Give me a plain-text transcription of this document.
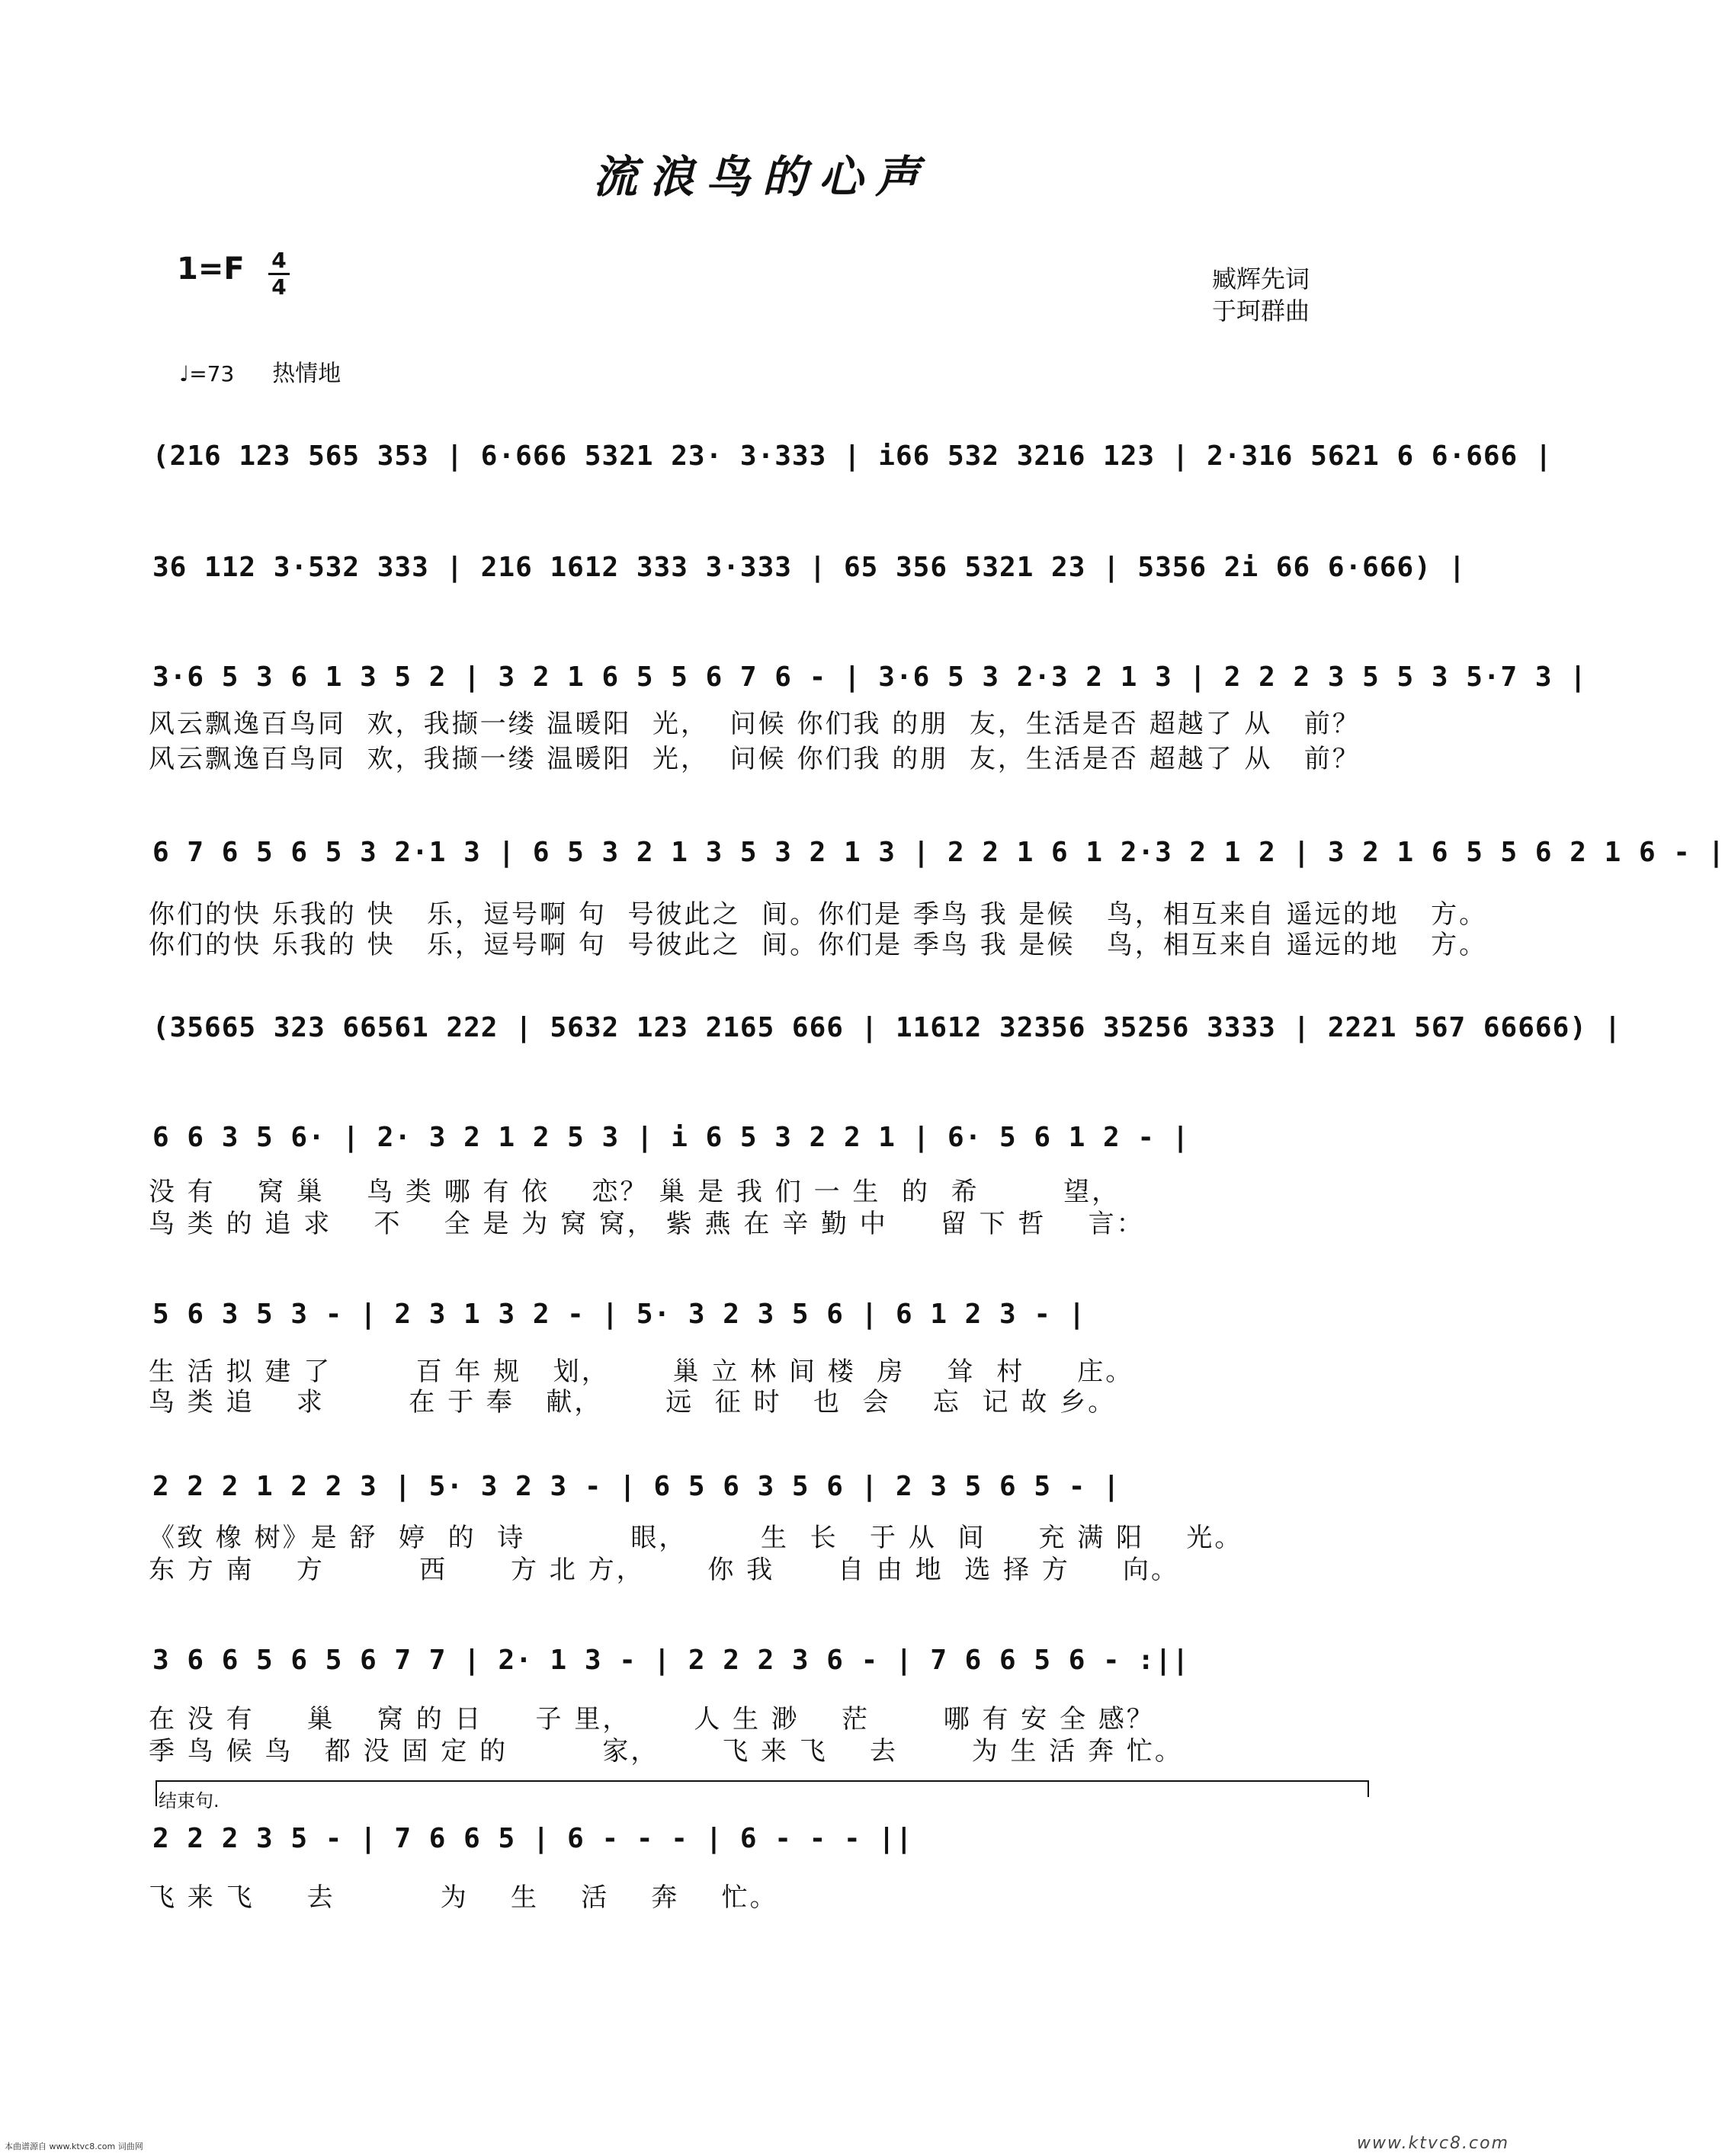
流浪鸟的心声
1=F 4
4	臧辉先词
于珂群曲
♩=73 热情地
(216 123 565 353 | 6·666 5321 23· 3·333 | i66 532 3216 123 | 2·316 5621 6 6·666 |
36 112 3·532 333 | 216 1612 333 3·333 | 65 356 5321 23 | 5356 2i 66 6·666) |
3·6 5 3 6 1 3 5 2 | 3 2 1 6 5 5 6 7 6 - | 3·6 5 3 2·3 2 1 3 | 2 2 2 3 5 5 3 5·7 3 |
风云飘逸百鸟同  欢，我撷一缕 温暖阳  光，  问候 你们我 的朋  友，生活是否 超越了 从   前？
风云飘逸百鸟同  欢，我撷一缕 温暖阳  光，  问候 你们我 的朋  友，生活是否 超越了 从   前？
6 7 6 5 6 5 3 2·1 3 | 6 5 3 2 1 3 5 3 2 1 3 | 2 2 1 6 1 2·3 2 1 2 | 3 2 1 6 5 5 6 2 1 6 - |
你们的快 乐我的 快   乐，逗号啊 句  号彼此之  间。你们是 季鸟 我 是候   鸟，相互来自 遥远的地   方。
你们的快 乐我的 快   乐，逗号啊 句  号彼此之  间。你们是 季鸟 我 是候   鸟，相互来自 遥远的地   方。
(35665 323 66561 222 | 5632 123 2165 666 | 11612 32356 35256 3333 | 2221 567 66666) |
6 6 3 5 6· | 2· 3 2 1 2 5 3 | i 6 5 3 2 2 1 | 6· 5 6 1 2 - |
没 有    窝 巢    鸟 类 哪 有 依    恋？ 巢 是 我 们 一 生  的  希        望，
鸟 类 的 追 求    不    全 是 为 窝 窝， 紫 燕 在 辛 勤 中     留 下 哲    言：
5 6 3 5 3 - | 2 3 1 3 2 - | 5· 3 2 3 5 6 | 6 1 2 3 - |
生 活 拟 建 了        百 年 规   划，      巢 立 林 间 楼  房    耸  村     庄。
鸟 类 追    求        在 于 奉   献，      远  征 时   也  会    忘  记 故 乡。
2 2 2 1 2 2 3 | 5· 3 2 3 - | 6 5 6 3 5 6 | 2 3 5 6 5 - |
《致 橡 树》是 舒  婷  的  诗          眼，       生  长   于 从  间     充 满 阳    光。
东 方 南    方         西      方 北 方，      你 我      自 由 地  选 择 方     向。
3 6 6 5 6 5 6 7 7 | 2· 1 3 - | 2 2 2 3 6 - | 7 6 6 5 6 - :||
在 没 有     巢    窝 的 日     子 里，      人 生 渺    茫       哪 有 安 全 感？
季 鸟 候 鸟   都 没 固 定 的         家，      飞 来 飞    去       为 生 活 奔 忙。
结束句.
2 2 2 3 5 - | 7 6 6 5 | 6 - - - | 6 - - - ||
飞 来 飞     去          为    生    活    奔    忙。
本曲谱源自 www.ktvc8.com 词曲网	www.ktvc8.com
